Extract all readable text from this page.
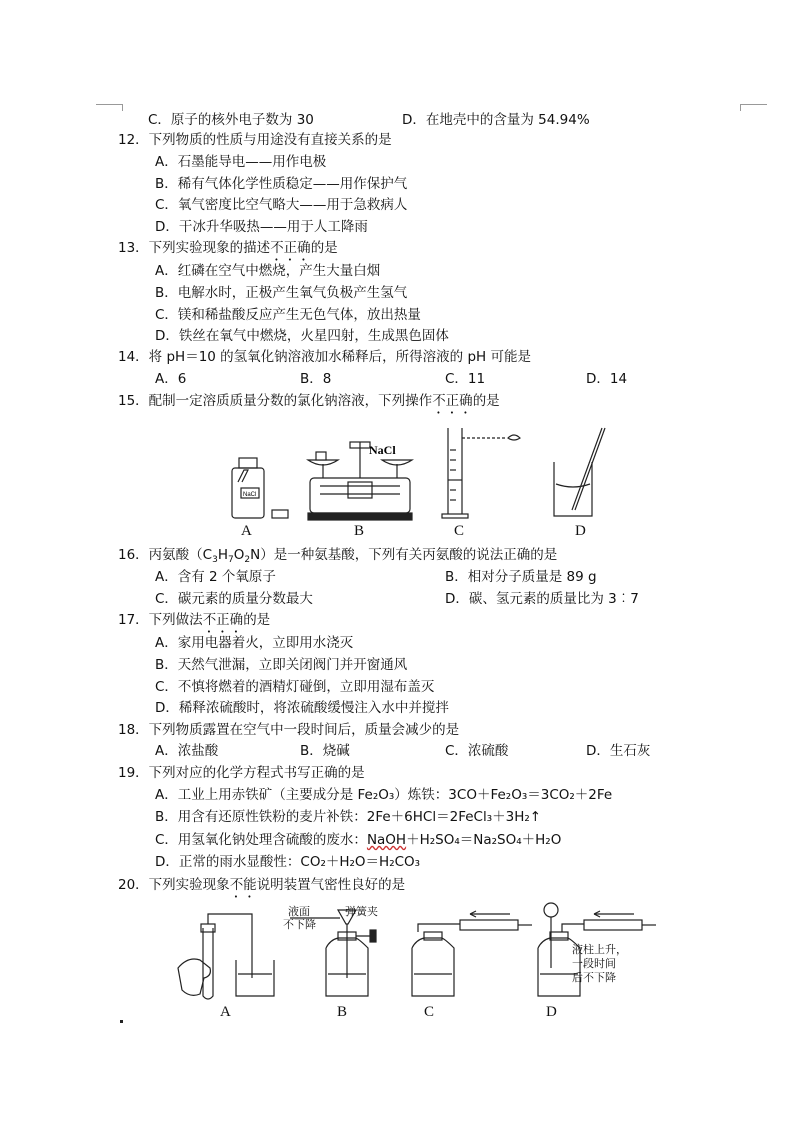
C．原子的核外电子数为 30	D．在地壳中的含量为 54.94%
12．下列物质的性质与用途没有直接关系的是
A．石墨能导电——用作电极
B．稀有气体化学性质稳定——用作保护气
C．氧气密度比空气略大——用于急救病人
D．干冰升华吸热——用于人工降雨
13．下列实验现象的描述不正确的是
A．红磷在空气中燃烧，产生大量白烟
B．电解水时，正极产生氧气负极产生氢气
C．镁和稀盐酸反应产生无色气体，放出热量
D．铁丝在氧气中燃烧，火星四射，生成黑色固体
14．将 pH＝10 的氢氧化钠溶液加水稀释后，所得溶液的 pH 可能是
A．6	B．8	C．11	D．14
15．配制一定溶质质量分数的氯化钠溶液，下列操作不正确的是
NaCl
NaCl
A	B	C	D
16．丙氨酸$(C_3H_7O_2N)$是一种氨基酸，下列有关丙氨酸的说法正确的是
A．含有 2 个氧原子	B．相对分子质量是 89 g
C．碳元素的质量分数最大	D．碳、氢元素的质量比为 3︰7
17．下列做法不正确的是
A．家用电器着火，立即用水浇灭
B．天然气泄漏，立即关闭阀门并开窗通风
C．不慎将燃着的酒精灯碰倒，立即用湿布盖灭
D．稀释浓硫酸时，将浓硫酸缓慢注入水中并搅拌
18．下列物质露置在空气中一段时间后，质量会减少的是
A．浓盐酸	B．烧碱	C．浓硫酸	D．生石灰
19．下列对应的化学方程式书写正确的是
A．工业上用赤铁矿（主要成分是 Fe₂O₃）炼铁：3CO＋Fe₂O₃＝3CO₂＋2Fe
B．用含有还原性铁粉的麦片补铁：2Fe＋6HCl＝2FeCl₃＋3H₂↑
C．用氢氧化钠处理含硫酸的废水：NaOH＋H₂SO₄＝Na₂SO₄＋H₂O
D．正常的雨水显酸性：CO₂＋H₂O＝H₂CO₃
20．下列实验现象不能说明装置气密性良好的是
液面
不下降
弹簧夹
液柱上升，
一段时间
后不下降
A	B	C	D
